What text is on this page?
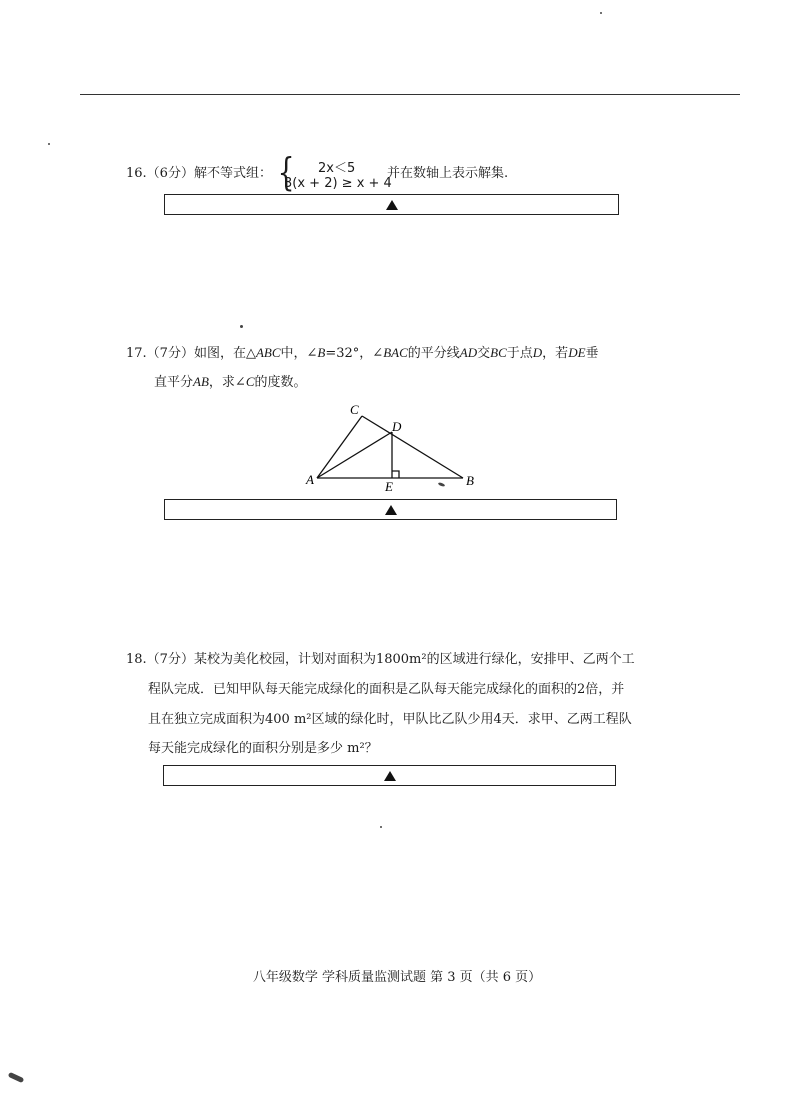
16.（6分）解不等式组： { 2x＜5
3(x + 2) ≥ x + 4
并在数轴上表示解集.
17.（7分）如图，在△ABC中，∠B=32°，∠BAC的平分线AD交BC于点D，若DE垂
直平分AB，求∠C的度数。
C
D
A	B
E
18.（7分）某校为美化校园，计划对面积为1800m²的区域进行绿化，安排甲、乙两个工
程队完成．已知甲队每天能完成绿化的面积是乙队每天能完成绿化的面积的2倍，并
且在独立完成面积为400 m²区域的绿化时，甲队比乙队少用4天．求甲、乙两工程队
每天能完成绿化的面积分别是多少 m²？
八年级数学 学科质量监测试题 第 3 页（共 6 页）
